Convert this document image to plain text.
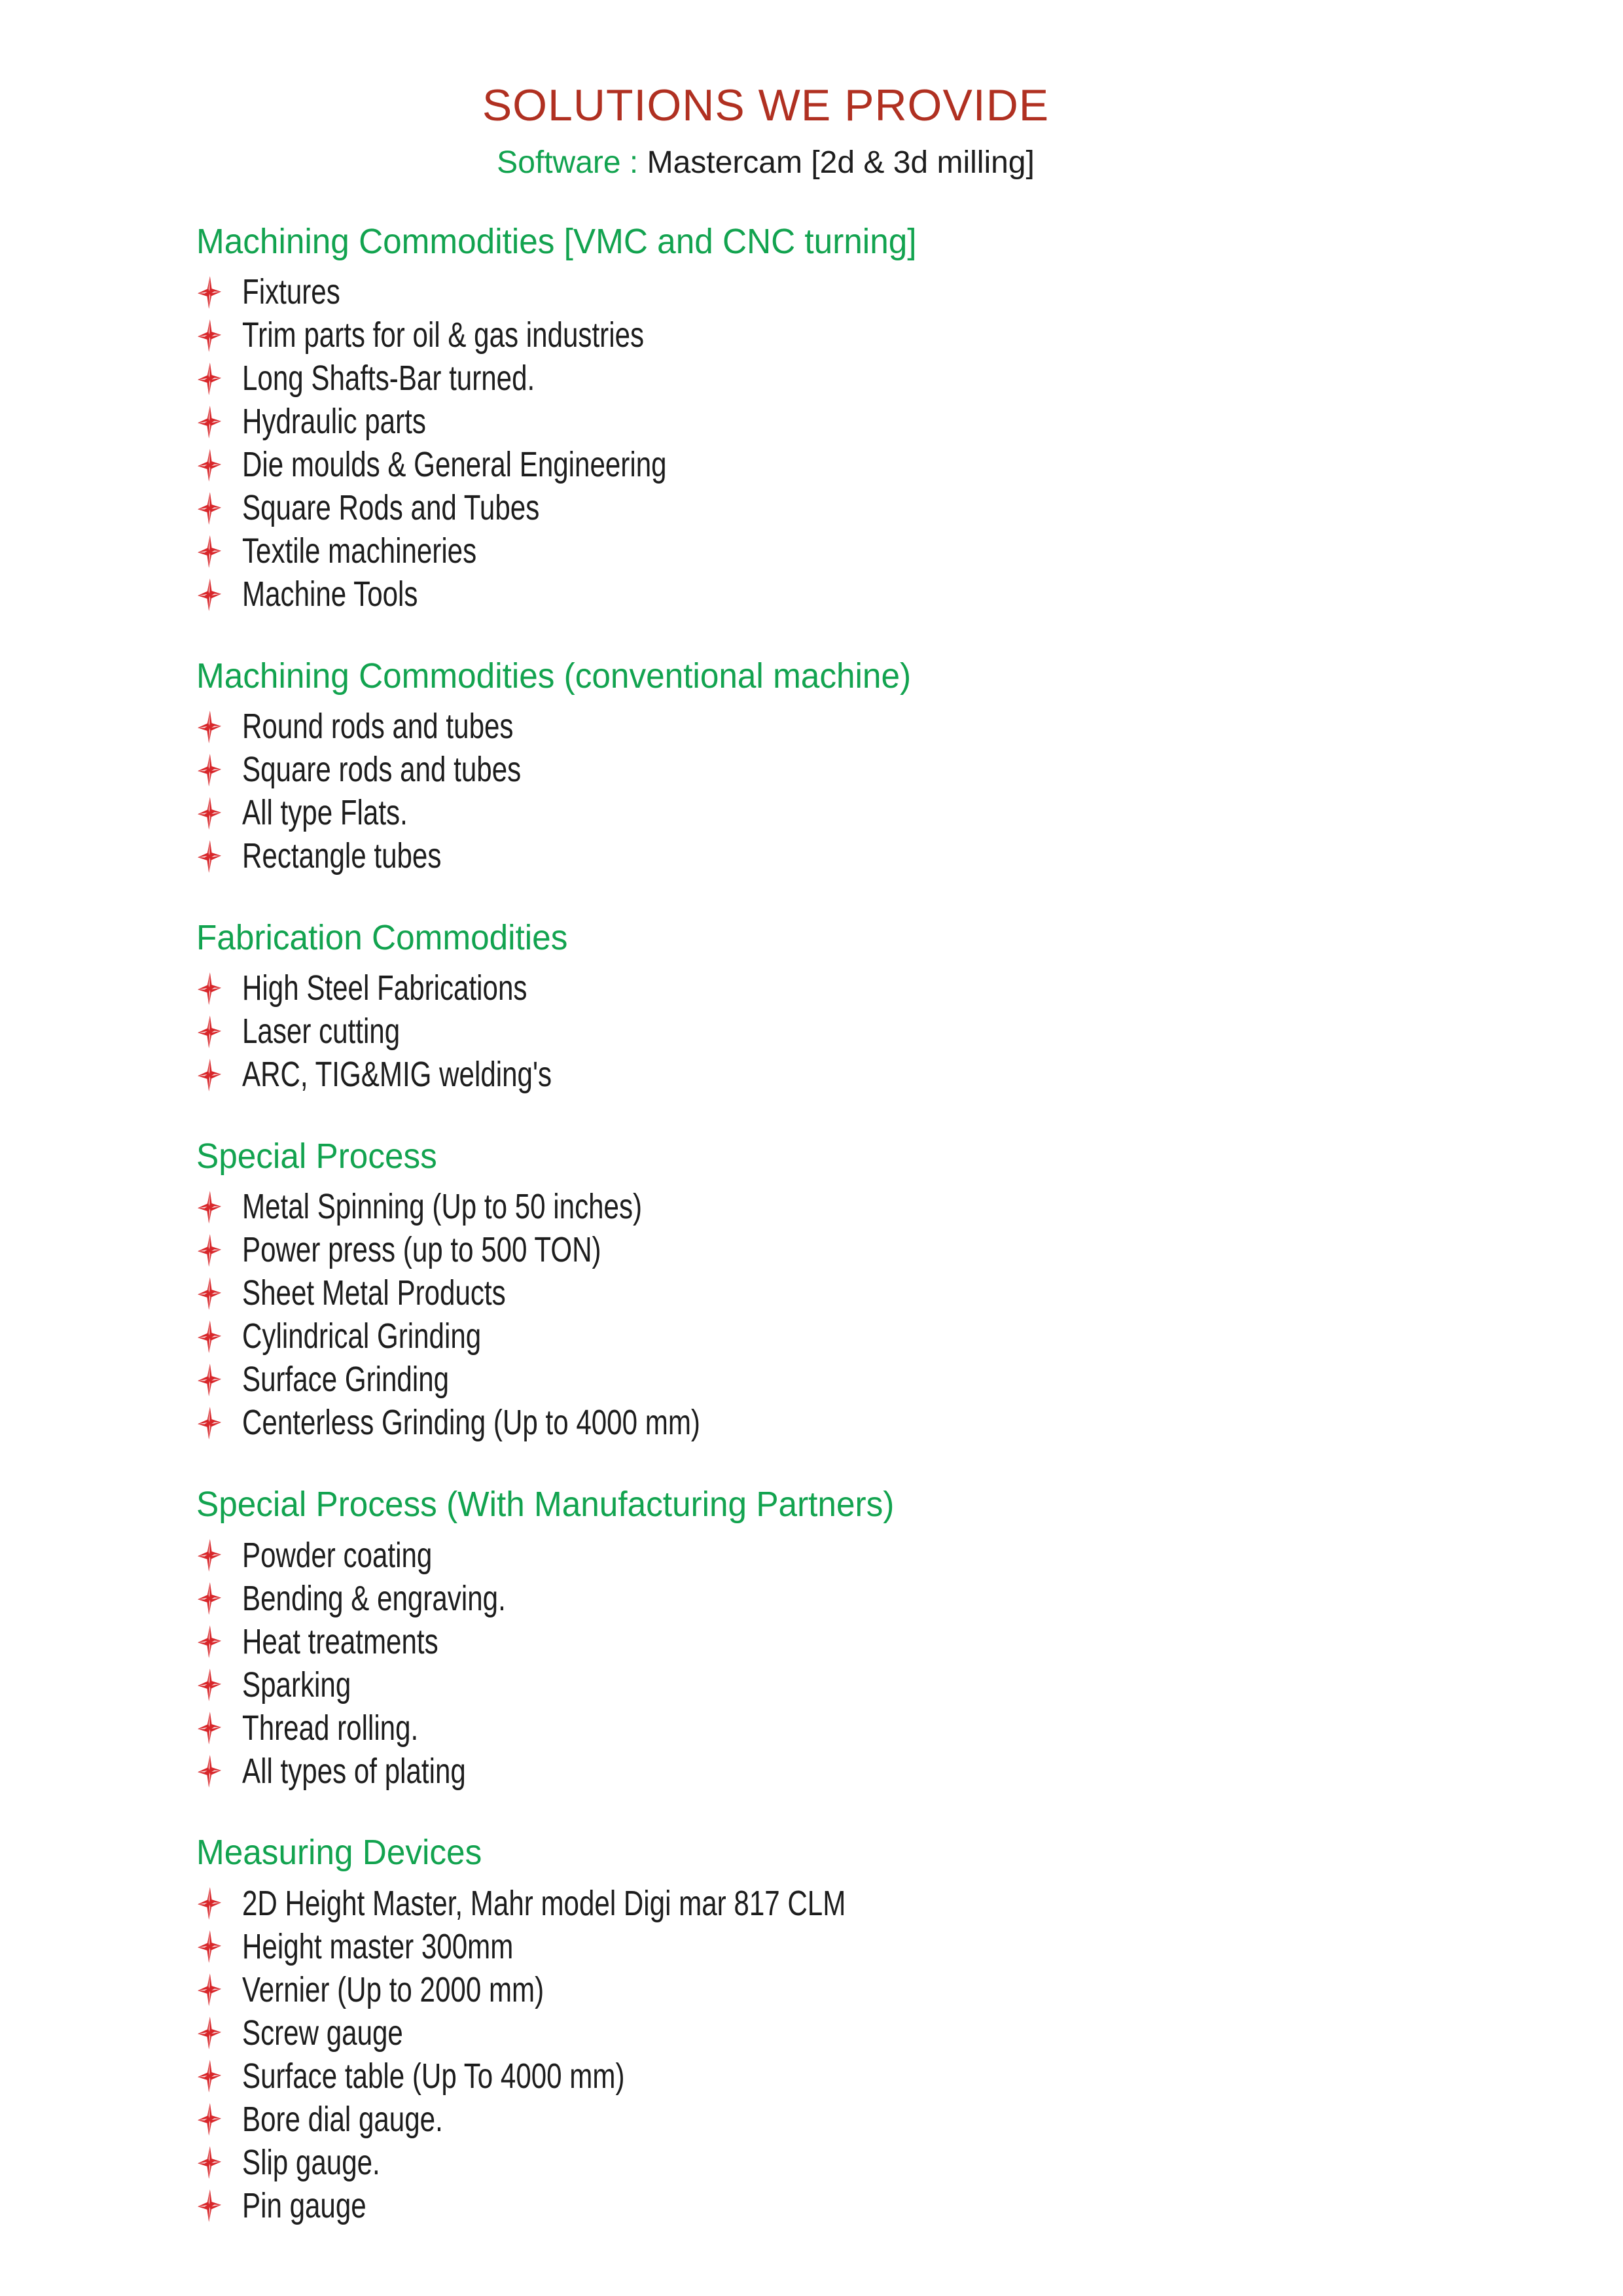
SOLUTIONS WE PROVIDE
Software : Mastercam [2d & 3d milling]
Machining Commodities [VMC and CNC turning]
Fixtures
Trim parts for oil & gas industries
Long Shafts-Bar turned.
Hydraulic parts
Die moulds & General Engineering
Square Rods and Tubes
Textile machineries
Machine Tools
Machining Commodities (conventional machine)
Round rods and tubes
Square rods and tubes
All type Flats.
Rectangle tubes
Fabrication Commodities
High Steel Fabrications
Laser cutting
ARC, TIG&MIG welding's
Special Process
Metal Spinning (Up to 50 inches)
Power press (up to 500 TON)
Sheet Metal Products
Cylindrical Grinding
Surface Grinding
Centerless Grinding (Up to 4000 mm)
Special Process (With Manufacturing Partners)
Powder coating
Bending & engraving.
Heat treatments
Sparking
Thread rolling.
All types of plating
Measuring Devices
2D Height Master, Mahr model Digi mar 817 CLM
Height master 300mm
Vernier (Up to 2000 mm)
Screw gauge
Surface table (Up To 4000 mm)
Bore dial gauge.
Slip gauge.
Pin gauge
